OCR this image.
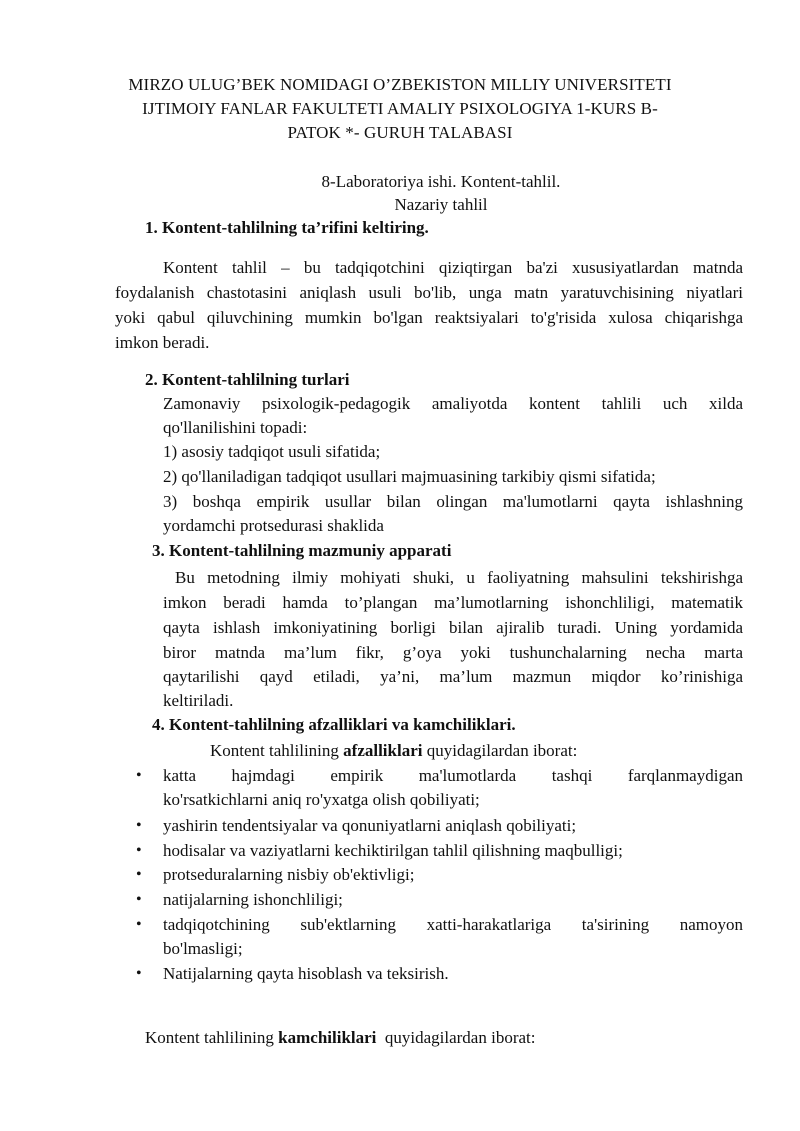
MIRZO ULUG’BEK NOMIDAGI O’ZBEKISTON MILLIY UNIVERSITETI
IJTIMOIY FANLAR FAKULTETI AMALIY PSIXOLOGIYA 1-KURS B-
PATOK *- GURUH TALABASI
8-Laboratoriya ishi. Kontent-tahlil.
Nazariy tahlil
1. Kontent-tahlilning ta’rifini keltiring.
Kontent tahlil – bu tadqiqotchini qiziqtirgan ba'zi xususiyatlardan matnda
foydalanish chastotasini aniqlash usuli bo'lib, unga matn yaratuvchisining niyatlari
yoki qabul qiluvchining mumkin bo'lgan reaktsiyalari to'g'risida xulosa chiqarishga
imkon beradi.
2. Kontent-tahlilning turlari
Zamonaviy psixologik-pedagogik amaliyotda kontent tahlili uch xilda
qo'llanilishini topadi:
1) asosiy tadqiqot usuli sifatida;
2) qo'llaniladigan tadqiqot usullari majmuasining tarkibiy qismi sifatida;
3) boshqa empirik usullar bilan olingan ma'lumotlarni qayta ishlashning
yordamchi protsedurasi shaklida
3. Kontent-tahlilning mazmuniy apparati
Bu metodning ilmiy mohiyati shuki, u faoliyatning mahsulini tekshirishga
imkon beradi hamda to’plangan ma’lumotlarning ishonchliligi, matematik
qayta ishlash imkoniyatining borligi bilan ajiralib turadi. Uning yordamida
biror matnda ma’lum fikr, g’oya yoki tushunchalarning necha marta
qaytarilishi qayd etiladi, ya’ni, ma’lum mazmun miqdor ko’rinishiga
keltiriladi.
4. Kontent-tahlilning afzalliklari va kamchiliklari.
Kontent tahlilining afzalliklari quyidagilardan iborat:
• katta hajmdagi empirik ma'lumotlarda tashqi farqlanmaydigan
ko'rsatkichlarni aniq ro'yxatga olish qobiliyati;
• yashirin tendentsiyalar va qonuniyatlarni aniqlash qobiliyati;
• hodisalar va vaziyatlarni kechiktirilgan tahlil qilishning maqbulligi;
• protseduralarning nisbiy ob'ektivligi;
• natijalarning ishonchliligi;
• tadqiqotchining sub'ektlarning xatti-harakatlariga ta'sirining namoyon
bo'lmasligi;
• Natijalarning qayta hisoblash va teksirish.
Kontent tahlilining kamchiliklari  quyidagilardan iborat:
